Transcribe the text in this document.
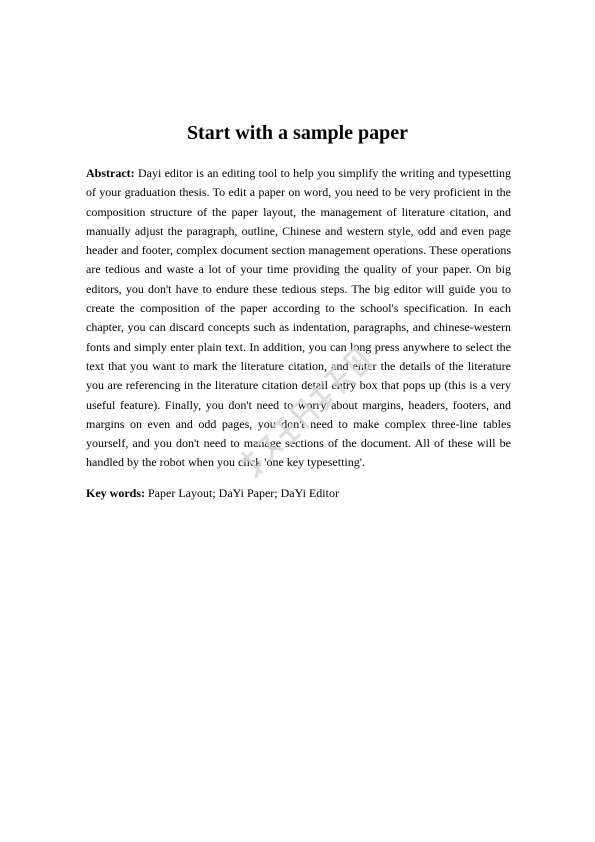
Start with a sample paper

Abstract: Dayi editor is an editing tool to help you simplify the writing and typesetting of your graduation thesis. To edit a paper on word, you need to be very proficient in the composition structure of the paper layout, the management of literature citation, and manually adjust the paragraph, outline, Chinese and western style, odd and even page header and footer, complex document section management operations. These operations are tedious and waste a lot of your time providing the quality of your paper. On big editors, you don't have to endure these tedious steps. The big editor will guide you to create the composition of the paper according to the school's specification. In each chapter, you can discard concepts such as indentation, paragraphs, and chinese-western fonts and simply enter plain text. In addition, you can long press anywhere to select the text that you want to mark the literature citation, and enter the details of the literature you are referencing in the literature citation detail entry box that pops up (this is a very useful feature). Finally, you don't need to worry about margins, headers, footers, and margins on even and odd pages, you don't need to make complex three-line tables yourself, and you don't need to manage sections of the document. All of these will be handled by the robot when you click 'one key typesetting'.

Key words: Paper Layout; DaYi Paper; DaYi Editor
